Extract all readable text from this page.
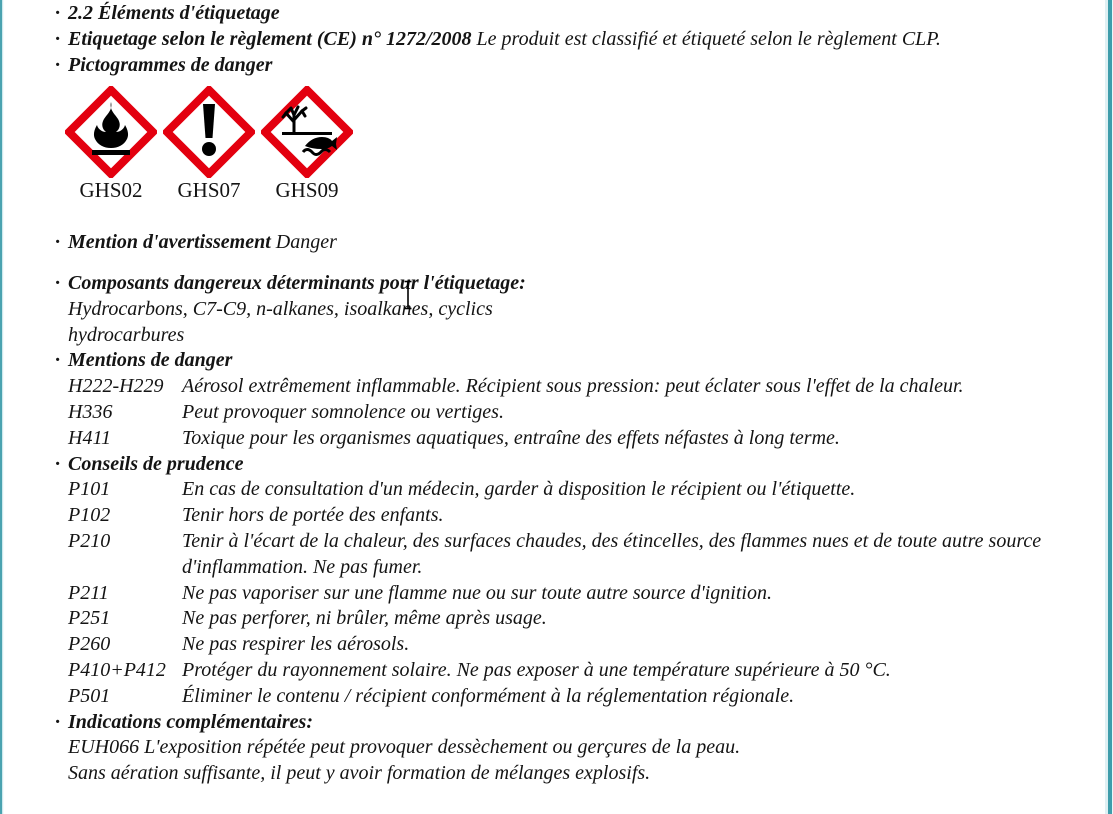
· 2.2 Éléments d'étiquetage

· Etiquetage selon le règlement (CE) n° 1272/2008 Le produit est classifié et étiqueté selon le règlement CLP.

· Pictogrammes de danger

GHS02	GHS07	GHS09

· Mention d'avertissement Danger

· Composants dangereux déterminants pour l'étiquetage:

Hydrocarbons, C7-C9, n-alkanes, isoalkanes, cyclics

hydrocarbures

· Mentions de danger

H222-H229 Aérosol extrêmement inflammable. Récipient sous pression: peut éclater sous l'effet de la chaleur.
H336	Peut provoquer somnolence ou vertiges.
H411	Toxique pour les organismes aquatiques, entraîne des effets néfastes à long terme.

· Conseils de prudence

P101	En cas de consultation d'un médecin, garder à disposition le récipient ou l'étiquette.
P102	Tenir hors de portée des enfants.
P210	Tenir à l'écart de la chaleur, des surfaces chaudes, des étincelles, des flammes nues et de toute autre source d'inflammation. Ne pas fumer.
P211	Ne pas vaporiser sur une flamme nue ou sur toute autre source d'ignition.
P251	Ne pas perforer, ni brûler, même après usage.
P260	Ne pas respirer les aérosols.
P410+P412 Protéger du rayonnement solaire. Ne pas exposer à une température supérieure à 50 °C.
P501	Éliminer le contenu / récipient conformément à la réglementation régionale.

· Indications complémentaires:

EUH066 L'exposition répétée peut provoquer dessèchement ou gerçures de la peau.

Sans aération suffisante, il peut y avoir formation de mélanges explosifs.
